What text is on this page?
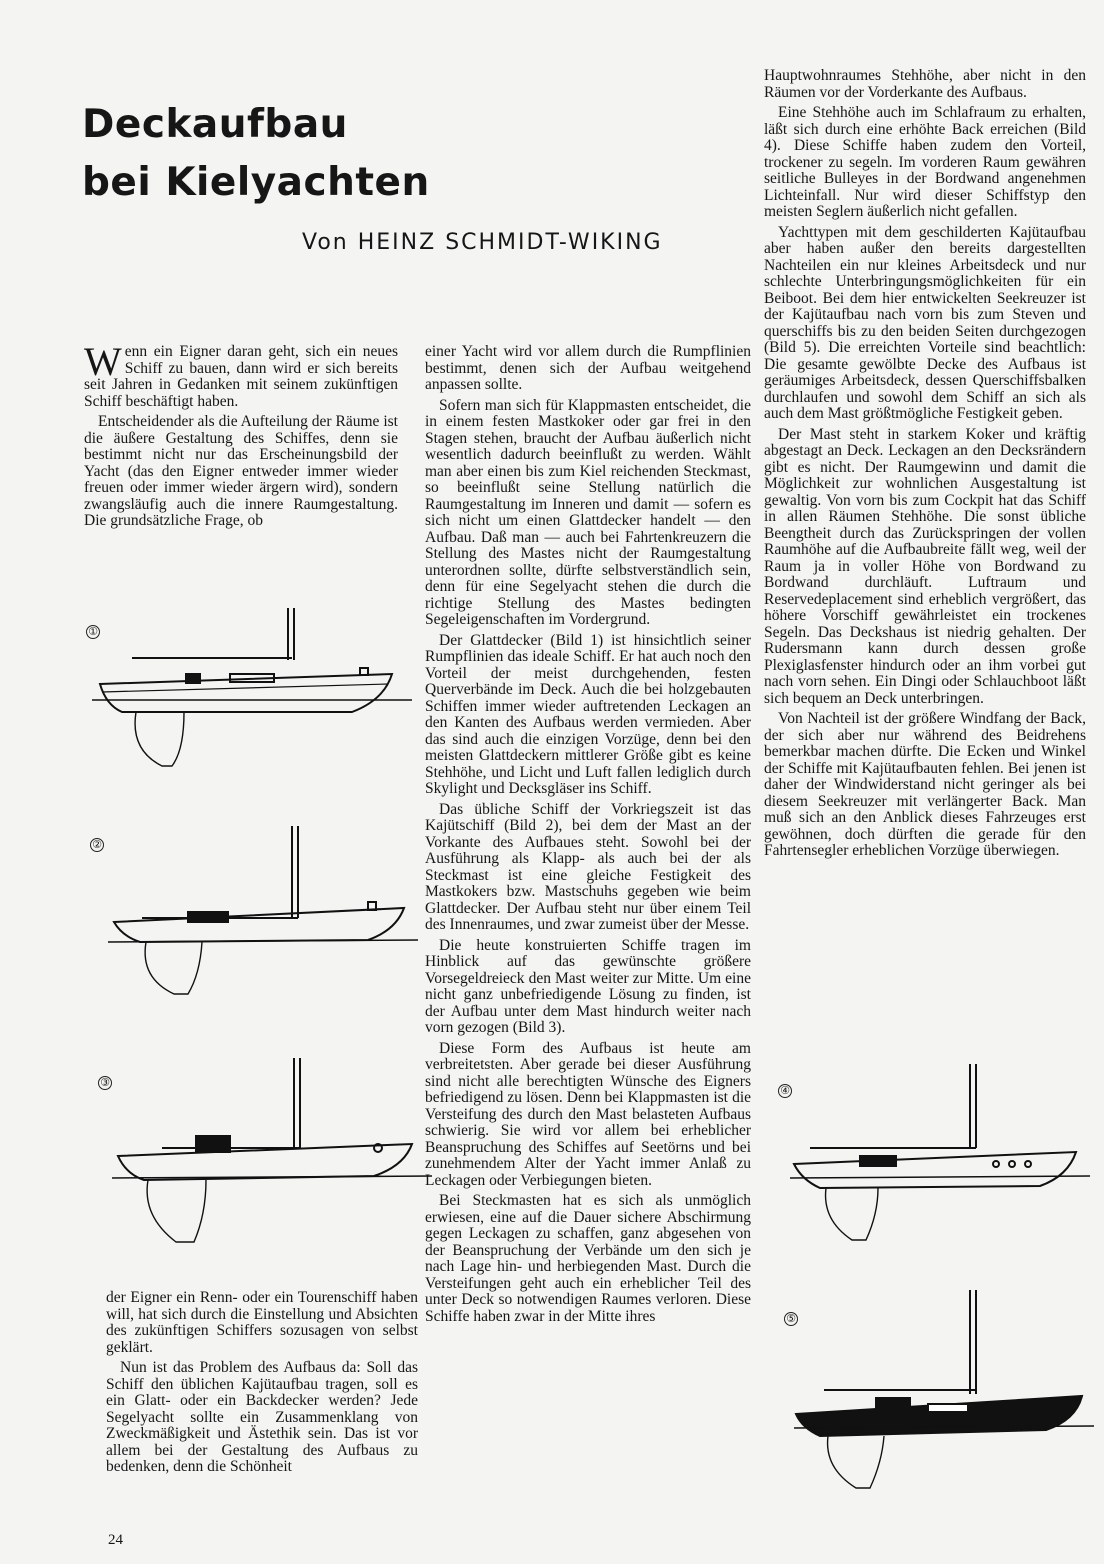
Deckaufbau
bei Kielyachten

Von HEINZ SCHMIDT-WIKING

Wenn ein Eigner daran geht, sich ein neues Schiff zu bauen, dann wird er sich bereits seit Jahren in Gedanken mit seinem zukünftigen Schiff beschäftigt haben.

Entscheidender als die Aufteilung der Räume ist die äußere Gestaltung des Schiffes, denn sie bestimmt nicht nur das Erscheinungsbild der Yacht (das den Eigner entweder immer wieder freuen oder immer wieder ärgern wird), sondern zwangsläufig auch die innere Raumgestaltung. Die grundsätzliche Frage, ob

der Eigner ein Renn- oder ein Tourenschiff haben will, hat sich durch die Einstellung und Absichten des zukünftigen Schiffers sozusagen von selbst geklärt.

Nun ist das Problem des Aufbaus da: Soll das Schiff den üblichen Kajütaufbau tragen, soll es ein Glatt- oder ein Backdecker werden? Jede Segelyacht sollte ein Zusammenklang von Zweckmäßigkeit und Ästethik sein. Das ist vor allem bei der Gestaltung des Aufbaus zu bedenken, denn die Schönheit

einer Yacht wird vor allem durch die Rumpflinien bestimmt, denen sich der Aufbau weitgehend anpassen sollte.

Sofern man sich für Klappmasten entscheidet, die in einem festen Mastkoker oder gar frei in den Stagen stehen, braucht der Aufbau äußerlich nicht wesentlich dadurch beeinflußt zu werden. Wählt man aber einen bis zum Kiel reichenden Steckmast, so beeinflußt seine Stellung natürlich die Raumgestaltung im Inneren und damit — sofern es sich nicht um einen Glattdecker handelt — den Aufbau. Daß man — auch bei Fahrtenkreuzern die Stellung des Mastes nicht der Raumgestaltung unterordnen sollte, dürfte selbstverständlich sein, denn für eine Segelyacht stehen die durch die richtige Stellung des Mastes bedingten Segeleigenschaften im Vordergrund.

Der Glattdecker (Bild 1) ist hinsichtlich seiner Rumpflinien das ideale Schiff. Er hat auch noch den Vorteil der meist durchgehenden, festen Querverbände im Deck. Auch die bei holzgebauten Schiffen immer wieder auftretenden Leckagen an den Kanten des Aufbaus werden vermieden. Aber das sind auch die einzigen Vorzüge, denn bei den meisten Glattdeckern mittlerer Größe gibt es keine Stehhöhe, und Licht und Luft fallen lediglich durch Skylight und Decksgläser ins Schiff.

Das übliche Schiff der Vorkriegszeit ist das Kajütschiff (Bild 2), bei dem der Mast an der Vorkante des Aufbaues steht. Sowohl bei der Ausführung als Klapp- als auch bei der als Steckmast ist eine gleiche Festigkeit des Mastkokers bzw. Mastschuhs gegeben wie beim Glattdecker. Der Aufbau steht nur über einem Teil des Innenraumes, und zwar zumeist über der Messe.

Die heute konstruierten Schiffe tragen im Hinblick auf das gewünschte größere Vorsegeldreieck den Mast weiter zur Mitte. Um eine nicht ganz unbefriedigende Lösung zu finden, ist der Aufbau unter dem Mast hindurch weiter nach vorn gezogen (Bild 3).

Diese Form des Aufbaus ist heute am verbreitetsten. Aber gerade bei dieser Ausführung sind nicht alle berechtigten Wünsche des Eigners befriedigend zu lösen. Denn bei Klappmasten ist die Versteifung des durch den Mast belasteten Aufbaus schwierig. Sie wird vor allem bei erheblicher Beanspruchung des Schiffes auf Seetörns und bei zunehmendem Alter der Yacht immer Anlaß zu Leckagen oder Verbiegungen bieten.

Bei Steckmasten hat es sich als unmöglich erwiesen, eine auf die Dauer sichere Abschirmung gegen Leckagen zu schaffen, ganz abgesehen von der Beanspruchung der Verbände um den sich je nach Lage hin- und herbiegenden Mast. Durch die Versteifungen geht auch ein erheblicher Teil des unter Deck so notwendigen Raumes verloren. Diese Schiffe haben zwar in der Mitte ihres

Hauptwohnraumes Stehhöhe, aber nicht in den Räumen vor der Vorderkante des Aufbaus.

Eine Stehhöhe auch im Schlafraum zu erhalten, läßt sich durch eine erhöhte Back erreichen (Bild 4). Diese Schiffe haben zudem den Vorteil, trockener zu segeln. Im vorderen Raum gewähren seitliche Bulleyes in der Bordwand angenehmen Lichteinfall. Nur wird dieser Schiffstyp den meisten Seglern äußerlich nicht gefallen.

Yachttypen mit dem geschilderten Kajütaufbau aber haben außer den bereits dargestellten Nachteilen ein nur kleines Arbeitsdeck und nur schlechte Unterbringungsmöglichkeiten für ein Beiboot. Bei dem hier entwickelten Seekreuzer ist der Kajütaufbau nach vorn bis zum Steven und querschiffs bis zu den beiden Seiten durchgezogen (Bild 5). Die erreichten Vorteile sind beachtlich: Die gesamte gewölbte Decke des Aufbaus ist geräumiges Arbeitsdeck, dessen Querschiffsbalken durchlaufen und sowohl dem Schiff an sich als auch dem Mast größtmögliche Festigkeit geben.

Der Mast steht in starkem Koker und kräftig abgestagt an Deck. Leckagen an den Decksrändern gibt es nicht. Der Raumgewinn und damit die Möglichkeit zur wohnlichen Ausgestaltung ist gewaltig. Von vorn bis zum Cockpit hat das Schiff in allen Räumen Stehhöhe. Die sonst übliche Beengtheit durch das Zurückspringen der vollen Raumhöhe auf die Aufbaubreite fällt weg, weil der Raum ja in voller Höhe von Bordwand zu Bordwand durchläuft. Luftraum und Reservedeplacement sind erheblich vergrößert, das höhere Vorschiff gewährleistet ein trockenes Segeln. Das Deckshaus ist niedrig gehalten. Der Rudersmann kann durch dessen große Plexiglasfenster hindurch oder an ihm vorbei gut nach vorn sehen. Ein Dingi oder Schlauchboot läßt sich bequem an Deck unterbringen.

Von Nachteil ist der größere Windfang der Back, der sich aber nur während des Beidrehens bemerkbar machen dürfte. Die Ecken und Winkel der Schiffe mit Kajütaufbauten fehlen. Bei jenen ist daher der Windwiderstand nicht geringer als bei diesem Seekreuzer mit verlängerter Back. Man muß sich an den Anblick dieses Fahrzeuges erst gewöhnen, doch dürften die gerade für den Fahrtensegler erheblichen Vorzüge überwiegen.

①
②
③
④
⑤
24
